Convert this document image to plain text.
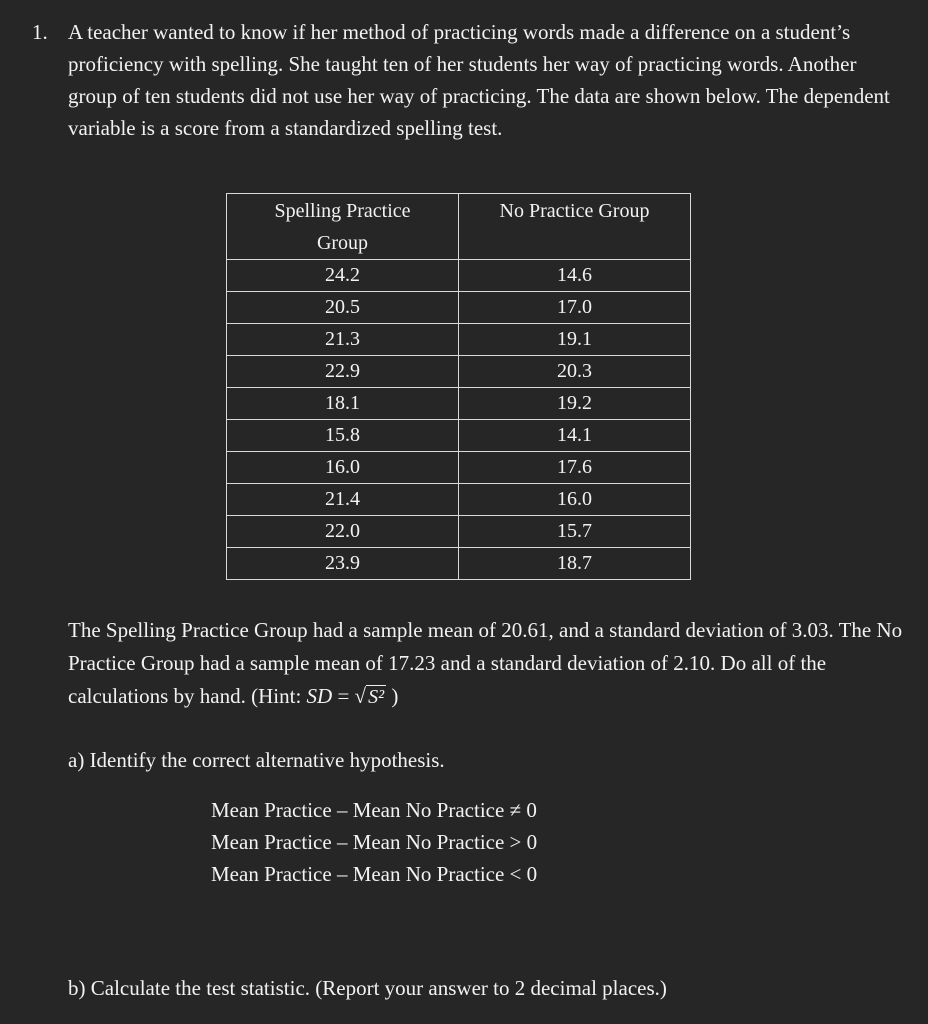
1. A teacher wanted to know if her method of practicing words made a difference on a student’s proficiency with spelling. She taught ten of her students her way of practicing words. Another group of ten students did not use her way of practicing. The data are shown below. The dependent variable is a score from a standardized spelling test.
Spelling Practice Group	No Practice Group
24.2	14.6
20.5	17.0
21.3	19.1
22.9	20.3
18.1	19.2
15.8	14.1
16.0	17.6
21.4	16.0
22.0	15.7
23.9	18.7
The Spelling Practice Group had a sample mean of 20.61, and a standard deviation of 3.03. The No Practice Group had a sample mean of 17.23 and a standard deviation of 2.10. Do all of the calculations by hand. (Hint: SD = √ S² )
a) Identify the correct alternative hypothesis.
Mean Practice – Mean No Practice ≠ 0
Mean Practice – Mean No Practice > 0
Mean Practice – Mean No Practice < 0
b) Calculate the test statistic. (Report your answer to 2 decimal places.)
